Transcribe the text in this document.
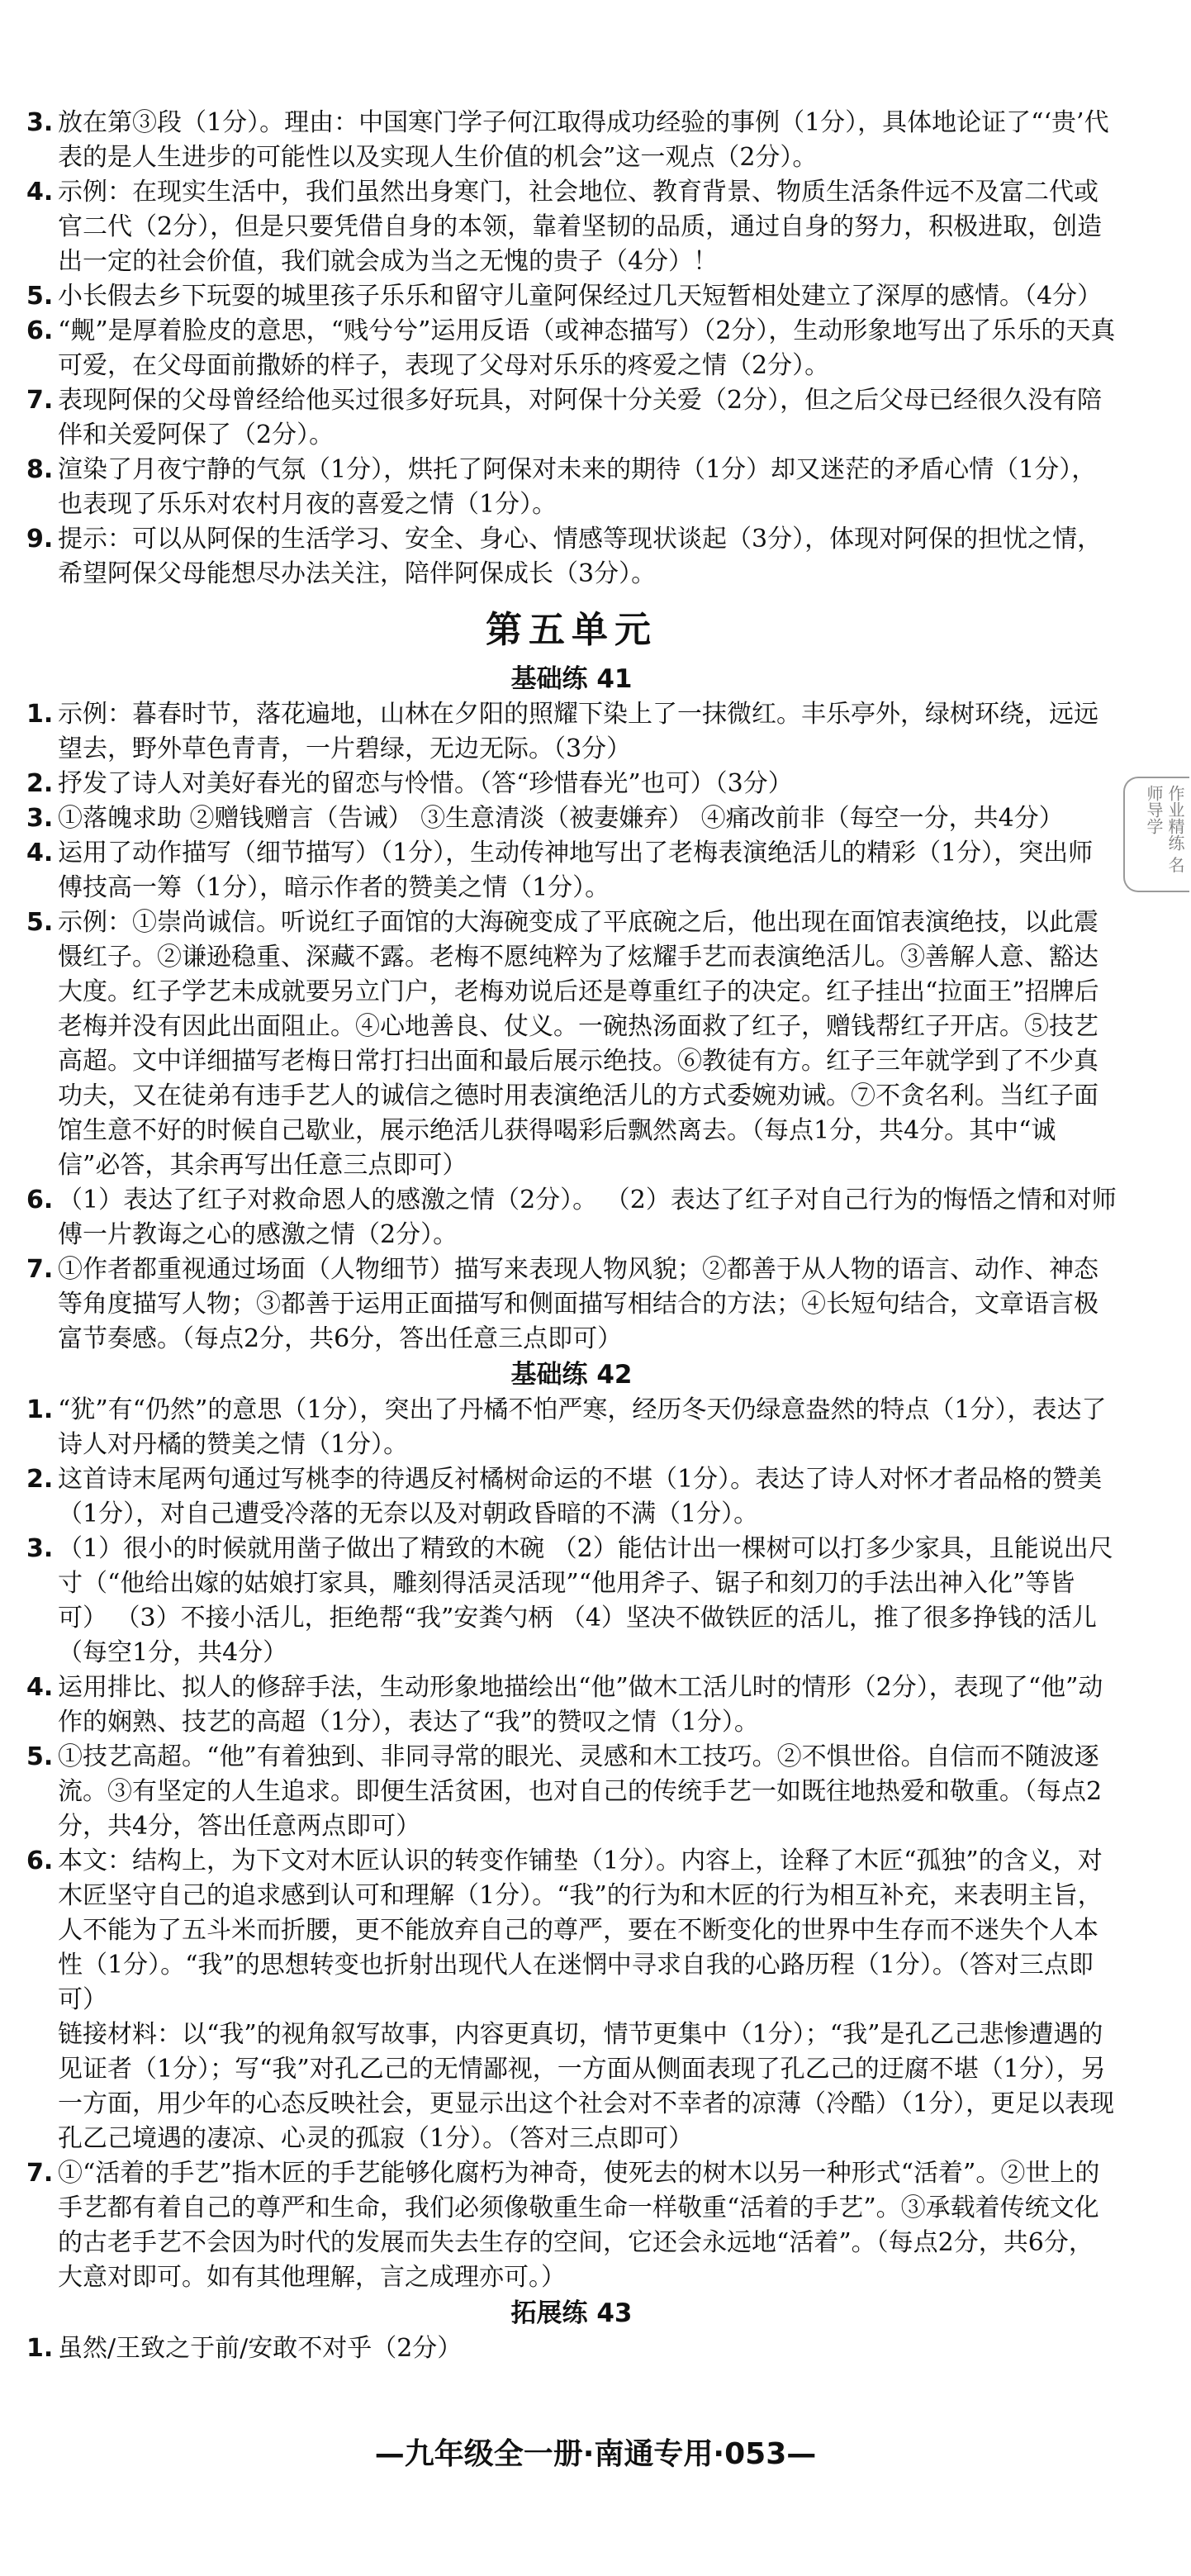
3. 放在第③段（1分）。理由：中国寒门学子何江取得成功经验的事例（1分），具体地论证了“‘贵’代表的是人生进步的可能性以及实现人生价值的机会”这一观点（2分）。

4. 示例：在现实生活中，我们虽然出身寒门，社会地位、教育背景、物质生活条件远不及富二代或官二代（2分），但是只要凭借自身的本领，靠着坚韧的品质，通过自身的努力，积极进取，创造出一定的社会价值，我们就会成为当之无愧的贵子（4分）！

5. 小长假去乡下玩耍的城里孩子乐乐和留守儿童阿保经过几天短暂相处建立了深厚的感情。（4分）

6. “觍”是厚着脸皮的意思，“贱兮兮”运用反语（或神态描写）（2分），生动形象地写出了乐乐的天真可爱，在父母面前撒娇的样子，表现了父母对乐乐的疼爱之情（2分）。

7. 表现阿保的父母曾经给他买过很多好玩具，对阿保十分关爱（2分），但之后父母已经很久没有陪伴和关爱阿保了（2分）。

8. 渲染了月夜宁静的气氛（1分），烘托了阿保对未来的期待（1分）却又迷茫的矛盾心情（1分），也表现了乐乐对农村月夜的喜爱之情（1分）。

9. 提示：可以从阿保的生活学习、安全、身心、情感等现状谈起（3分），体现对阿保的担忧之情，希望阿保父母能想尽办法关注，陪伴阿保成长（3分）。

第五单元
基础练 41
1. 示例：暮春时节，落花遍地，山林在夕阳的照耀下染上了一抹微红。丰乐亭外，绿树环绕，远远望去，野外草色青青，一片碧绿，无边无际。（3分）

2. 抒发了诗人对美好春光的留恋与怜惜。（答“珍惜春光”也可）（3分）

3. ①落魄求助 ②赠钱赠言（告诫） ③生意清淡（被妻嫌弃） ④痛改前非（每空一分，共4分）

4. 运用了动作描写（细节描写）（1分），生动传神地写出了老梅表演绝活儿的精彩（1分），突出师傅技高一筹（1分），暗示作者的赞美之情（1分）。

5. 示例：①崇尚诚信。听说红子面馆的大海碗变成了平底碗之后，他出现在面馆表演绝技，以此震慑红子。②谦逊稳重、深藏不露。老梅不愿纯粹为了炫耀手艺而表演绝活儿。③善解人意、豁达大度。红子学艺未成就要另立门户，老梅劝说后还是尊重红子的决定。红子挂出“拉面王”招牌后老梅并没有因此出面阻止。④心地善良、仗义。一碗热汤面救了红子，赠钱帮红子开店。⑤技艺高超。文中详细描写老梅日常打扫出面和最后展示绝技。⑥教徒有方。红子三年就学到了不少真功夫，又在徒弟有违手艺人的诚信之德时用表演绝活儿的方式委婉劝诫。⑦不贪名利。当红子面馆生意不好的时候自己歇业，展示绝活儿获得喝彩后飘然离去。（每点1分，共4分。其中“诚信”必答，其余再写出任意三点即可）

6. （1）表达了红子对救命恩人的感激之情（2分）。 （2）表达了红子对自己行为的悔悟之情和对师傅一片教诲之心的感激之情（2分）。

7. ①作者都重视通过场面（人物细节）描写来表现人物风貌；②都善于从人物的语言、动作、神态等角度描写人物；③都善于运用正面描写和侧面描写相结合的方法；④长短句结合，文章语言极富节奏感。（每点2分，共6分，答出任意三点即可）

基础练 42
1. “犹”有“仍然”的意思（1分），突出了丹橘不怕严寒，经历冬天仍绿意盎然的特点（1分），表达了诗人对丹橘的赞美之情（1分）。

2. 这首诗末尾两句通过写桃李的待遇反衬橘树命运的不堪（1分）。表达了诗人对怀才者品格的赞美（1分），对自己遭受冷落的无奈以及对朝政昏暗的不满（1分）。

3. （1）很小的时候就用凿子做出了精致的木碗 （2）能估计出一棵树可以打多少家具，且能说出尺寸（“他给出嫁的姑娘打家具，雕刻得活灵活现”“他用斧子、锯子和刻刀的手法出神入化”等皆可） （3）不接小活儿，拒绝帮“我”安粪勺柄 （4）坚决不做铁匠的活儿，推了很多挣钱的活儿（每空1分，共4分）

4. 运用排比、拟人的修辞手法，生动形象地描绘出“他”做木工活儿时的情形（2分），表现了“他”动作的娴熟、技艺的高超（1分），表达了“我”的赞叹之情（1分）。

5. ①技艺高超。“他”有着独到、非同寻常的眼光、灵感和木工技巧。②不惧世俗。自信而不随波逐流。③有坚定的人生追求。即便生活贫困，也对自己的传统手艺一如既往地热爱和敬重。（每点2分，共4分，答出任意两点即可）

6. 本文：结构上，为下文对木匠认识的转变作铺垫（1分）。内容上，诠释了木匠“孤独”的含义，对木匠坚守自己的追求感到认可和理解（1分）。“我”的行为和木匠的行为相互补充，来表明主旨，人不能为了五斗米而折腰，更不能放弃自己的尊严，要在不断变化的世界中生存而不迷失个人本性（1分）。“我”的思想转变也折射出现代人在迷惘中寻求自我的心路历程（1分）。（答对三点即可）

链接材料：以“我”的视角叙写故事，内容更真切，情节更集中（1分）；“我”是孔乙己悲惨遭遇的见证者（1分）；写“我”对孔乙己的无情鄙视，一方面从侧面表现了孔乙己的迂腐不堪（1分），另一方面，用少年的心态反映社会，更显示出这个社会对不幸者的凉薄（冷酷）（1分），更足以表现孔乙己境遇的凄凉、心灵的孤寂（1分）。（答对三点即可）

7. ①“活着的手艺”指木匠的手艺能够化腐朽为神奇，使死去的树木以另一种形式“活着”。②世上的手艺都有着自己的尊严和生命，我们必须像敬重生命一样敬重“活着的手艺”。③承载着传统文化的古老手艺不会因为时代的发展而失去生存的空间，它还会永远地“活着”。（每点2分，共6分，大意对即可。如有其他理解，言之成理亦可。）

拓展练 43
1. 虽然/王致之于前/安敢不对乎（2分）

作业精练 名师导学
—九年级全一册·南通专用·053—
